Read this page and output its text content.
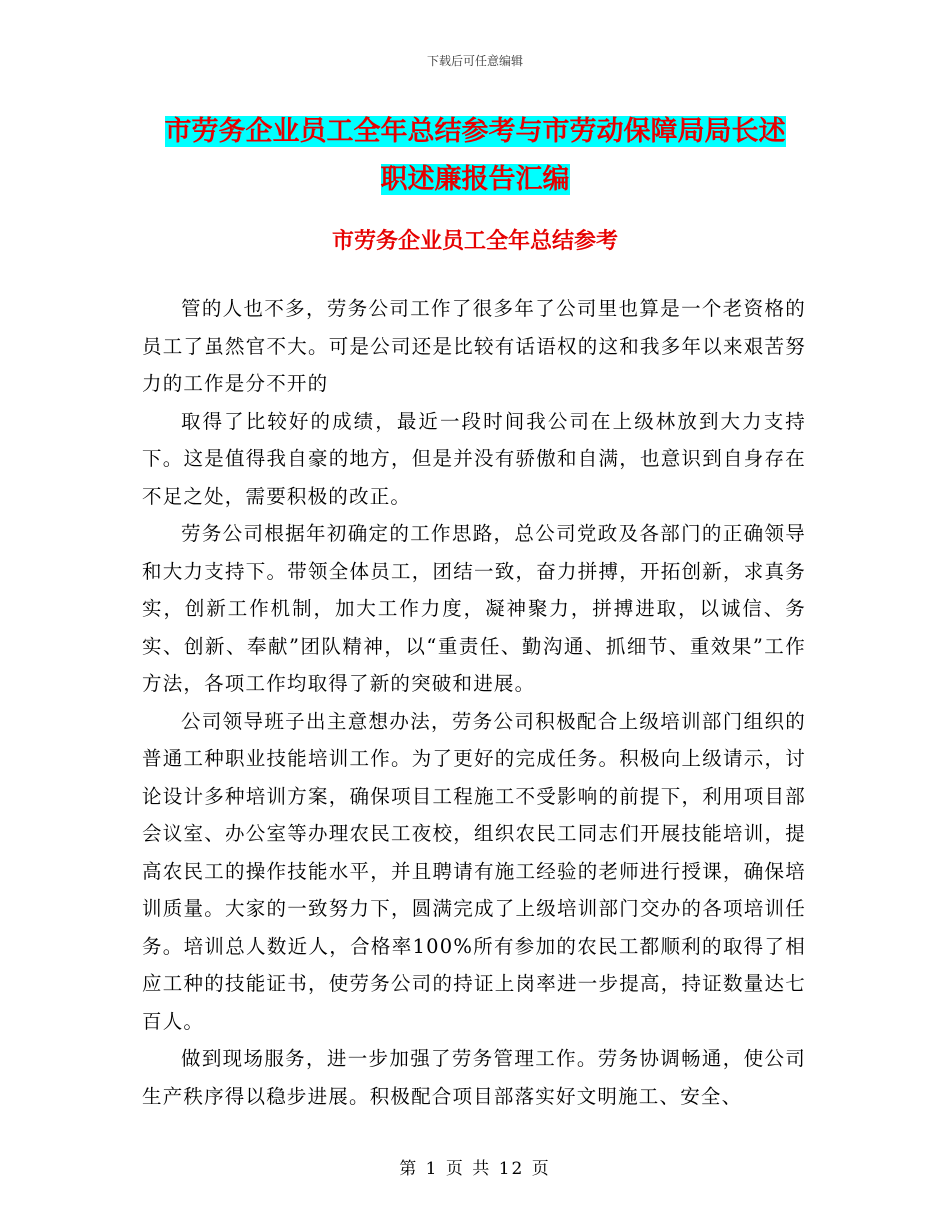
下载后可任意编辑
市劳务企业员工全年总结参考与市劳动保障局局长述
职述廉报告汇编
市劳务企业员工全年总结参考

管的人也不多，劳务公司工作了很多年了公司里也算是一个老资格的员工了虽然官不大。可是公司还是比较有话语权的这和我多年以来艰苦努力的工作是分不开的

取得了比较好的成绩，最近一段时间我公司在上级林放到大力支持下。这是值得我自豪的地方，但是并没有骄傲和自满，也意识到自身存在不足之处，需要积极的改正。

劳务公司根据年初确定的工作思路，总公司党政及各部门的正确领导和大力支持下。带领全体员工，团结一致，奋力拼搏，开拓创新，求真务实，创新工作机制，加大工作力度，凝神聚力，拼搏进取，以诚信、务实、创新、奉献”团队精神，以“重责任、勤沟通、抓细节、重效果”工作方法，各项工作均取得了新的突破和进展。

公司领导班子出主意想办法，劳务公司积极配合上级培训部门组织的普通工种职业技能培训工作。为了更好的完成任务。积极向上级请示，讨论设计多种培训方案，确保项目工程施工不受影响的前提下，利用项目部会议室、办公室等办理农民工夜校，组织农民工同志们开展技能培训，提高农民工的操作技能水平，并且聘请有施工经验的老师进行授课，确保培训质量。大家的一致努力下，圆满完成了上级培训部门交办的各项培训任务。培训总人数近人，合格率100%所有参加的农民工都顺利的取得了相应工种的技能证书，使劳务公司的持证上岗率进一步提高，持证数量达七百人。

做到现场服务，进一步加强了劳务管理工作。劳务协调畅通，使公司生产秩序得以稳步进展。积极配合项目部落实好文明施工、安全、

第 1 页 共 12 页
